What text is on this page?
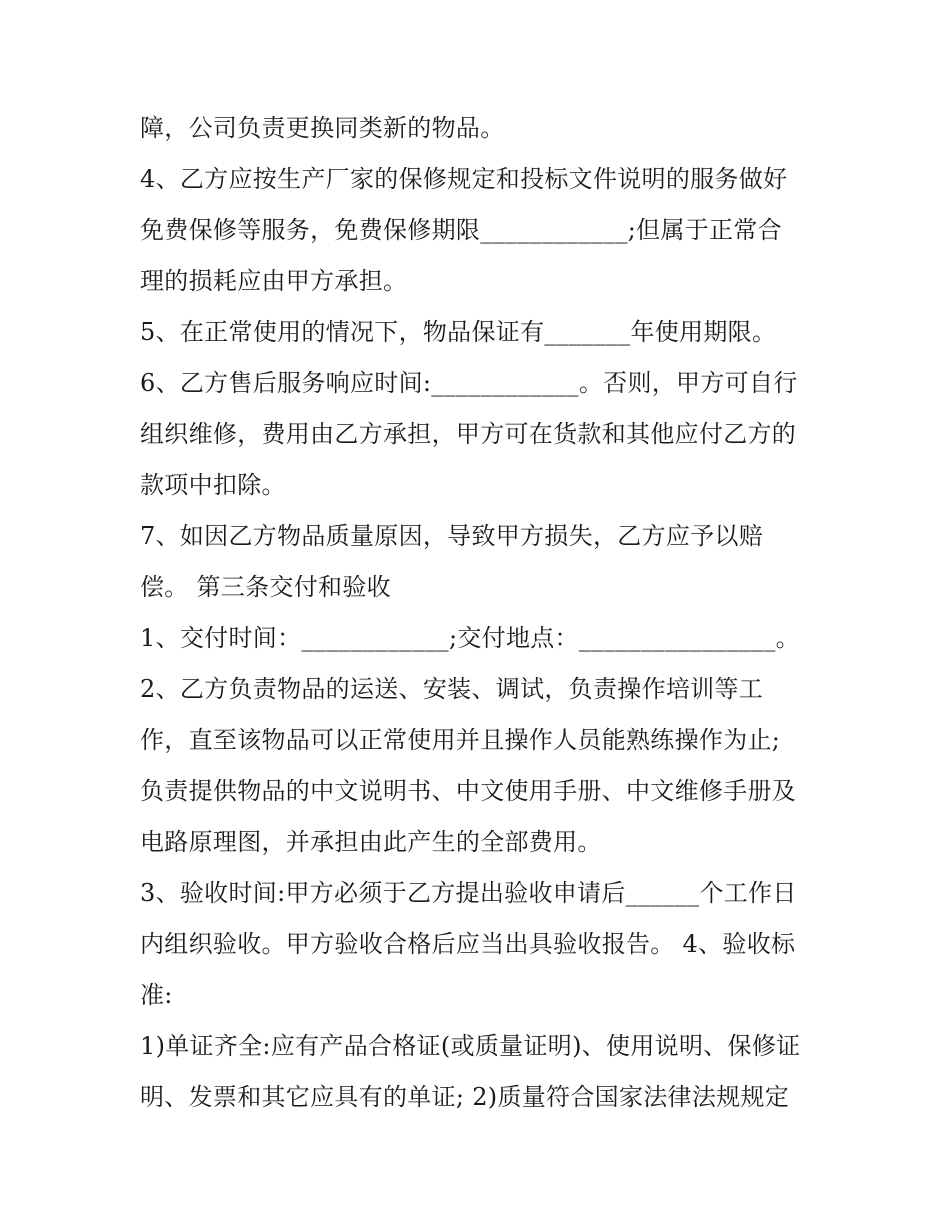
障，公司负责更换同类新的物品。
4、乙方应按生产厂家的保修规定和投标文件说明的服务做好
免费保修等服务，免费保修期限____________;但属于正常合
理的损耗应由甲方承担。
5、在正常使用的情况下，物品保证有_______年使用期限。
6、乙方售后服务响应时间:____________。否则，甲方可自行
组织维修，费用由乙方承担，甲方可在货款和其他应付乙方的
款项中扣除。
7、如因乙方物品质量原因，导致甲方损失，乙方应予以赔
偿。 第三条交付和验收
1、交付时间：____________;交付地点：________________。
2、乙方负责物品的运送、安装、调试，负责操作培训等工
作，直至该物品可以正常使用并且操作人员能熟练操作为止;
负责提供物品的中文说明书、中文使用手册、中文维修手册及
电路原理图，并承担由此产生的全部费用。
3、验收时间:甲方必须于乙方提出验收申请后______个工作日
内组织验收。甲方验收合格后应当出具验收报告。 4、验收标
准:
1)单证齐全:应有产品合格证(或质量证明)、使用说明、保修证
明、发票和其它应具有的单证; 2)质量符合国家法律法规规定
